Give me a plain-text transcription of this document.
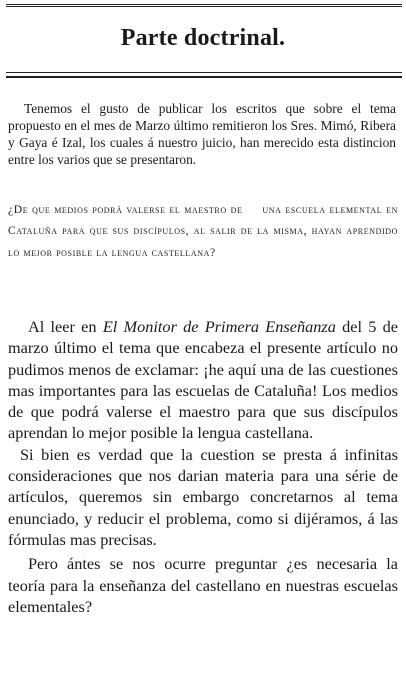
Parte doctrinal.
Tenemos el gusto de publicar los escritos que sobre el tema propuesto en el mes de Marzo último remitieron los Sres. Mimó, Ribera y Gaya é Izal, los cuales á nuestro juicio, han merecido esta distincion entre los varios que se presentaron.
¿De que medios podrá valerse el maestro de una escuela elemental en Cataluña para que sus discípulos, al salir de la misma, hayan aprendido lo mejor posible la lengua castellana?

Al leer en El Monitor de Primera Enseñanza del 5 de marzo último el tema que encabeza el presente artículo no pudimos menos de exclamar: ¡he aquí una de las cuestiones mas importantes para las escuelas de Cataluña! Los medios de que podrá valerse el maestro para que sus discípulos aprendan lo mejor posible la lengua castellana.

Si bien es verdad que la cuestion se presta á infinitas consideraciones que nos darian materia para una série de artículos, queremos sin embargo concretarnos al tema enunciado, y reducir el problema, como si dijéramos, á las fórmulas mas precisas.

Pero ántes se nos ocurre preguntar ¿es necesaria la teoría para la enseñanza del castellano en nuestras escuelas elementales?
